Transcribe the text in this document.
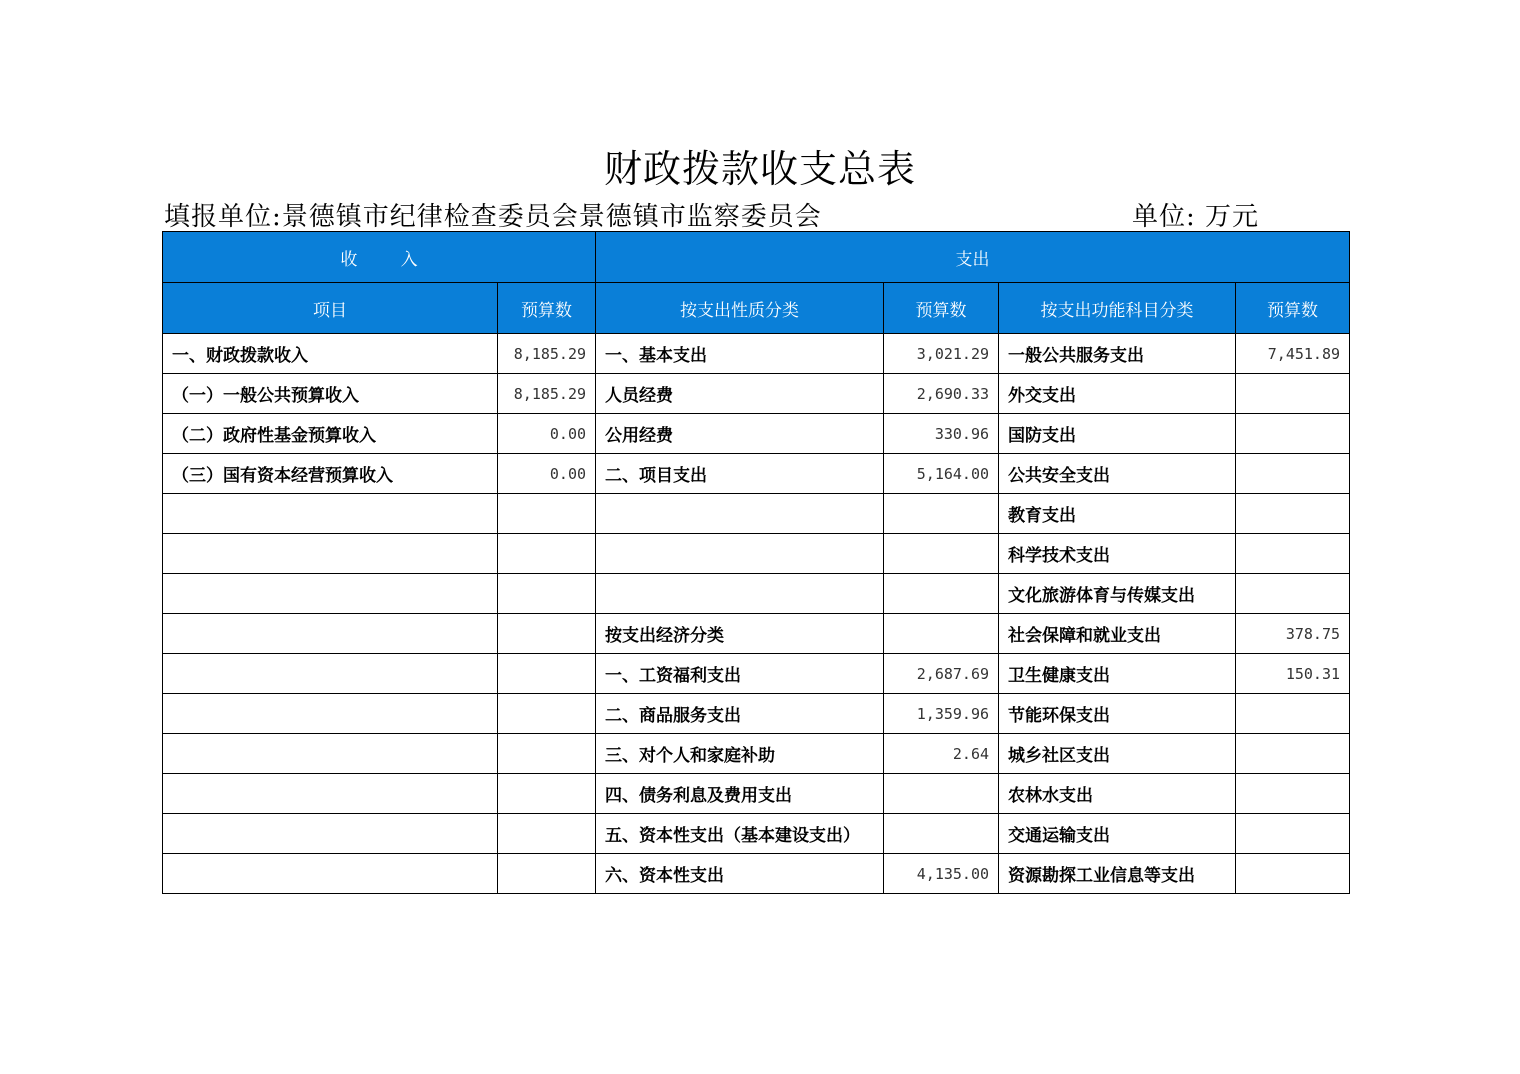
财政拨款收支总表
填报单位:景德镇市纪律检查委员会景德镇市监察委员会	单位: 万元
收        入		支出			
项目	预算数	按支出性质分类	预算数	按支出功能科目分类	预算数
一、财政拨款收入	8,185.29	一、基本支出	3,021.29	一般公共服务支出	7,451.89
（一）一般公共预算收入	8,185.29	人员经费	2,690.33	外交支出	
（二）政府性基金预算收入	0.00	公用经费	330.96	国防支出	
（三）国有资本经营预算收入	0.00	二、项目支出	5,164.00	公共安全支出	
				教育支出	
				科学技术支出	
				文化旅游体育与传媒支出	
		按支出经济分类		社会保障和就业支出	378.75
		一、工资福利支出	2,687.69	卫生健康支出	150.31
		二、商品服务支出	1,359.96	节能环保支出	
		三、对个人和家庭补助	2.64	城乡社区支出	
		四、债务利息及费用支出		农林水支出	
		五、资本性支出（基本建设支出）		交通运输支出	
		六、资本性支出	4,135.00	资源勘探工业信息等支出	
